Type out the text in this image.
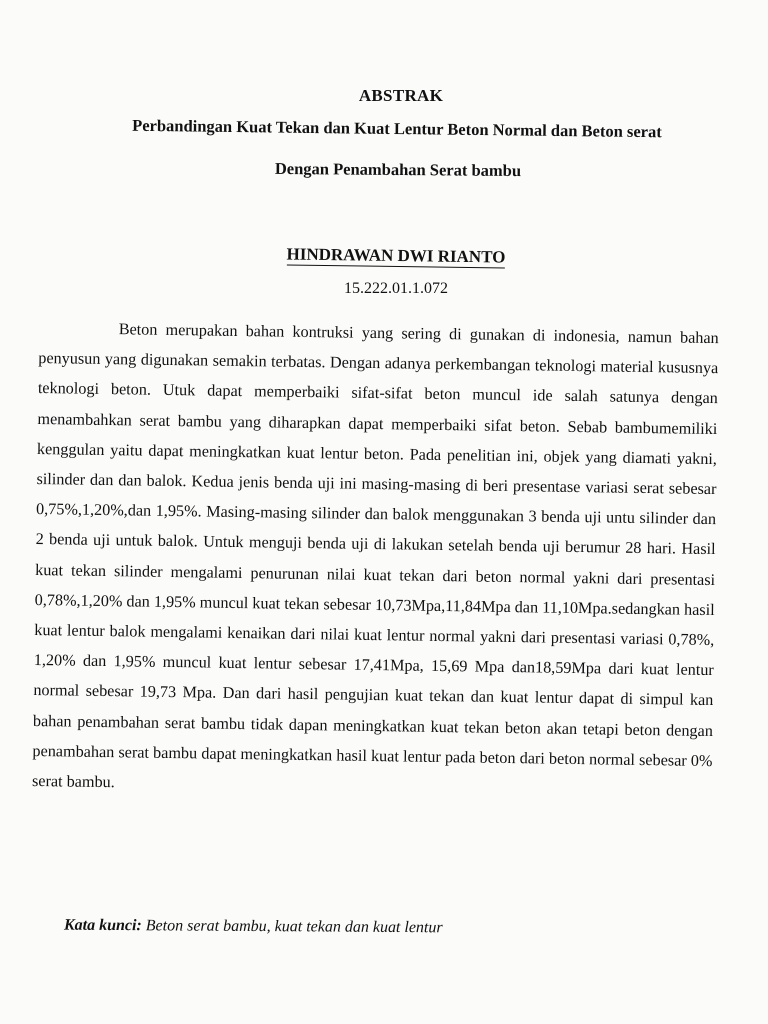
ABSTRAK
Perbandingan Kuat Tekan dan Kuat Lentur Beton Normal dan Beton serat
Dengan Penambahan Serat bambu
HINDRAWAN DWI RIANTO
15.222.01.1.072

Beton merupakan bahan kontruksi yang sering di gunakan di indonesia, namun bahan penyusun yang digunakan semakin terbatas. Dengan adanya perkembangan teknologi material kususnya teknologi beton. Utuk dapat memperbaiki sifat-sifat beton muncul ide salah satunya dengan menambahkan serat bambu yang diharapkan dapat memperbaiki sifat beton. Sebab bambumemiliki kenggulan yaitu dapat meningkatkan kuat lentur beton. Pada penelitian ini, objek yang diamati yakni, silinder dan dan balok. Kedua jenis benda uji ini masing-masing di beri presentase variasi serat sebesar 0,75%,1,20%,dan 1,95%. Masing-masing silinder dan balok menggunakan 3 benda uji untu silinder dan 2 benda uji untuk balok. Untuk menguji benda uji di lakukan setelah benda uji berumur 28 hari. Hasil kuat tekan silinder mengalami penurunan nilai kuat tekan dari beton normal yakni dari presentasi 0,78%,1,20% dan 1,95% muncul kuat tekan sebesar 10,73Mpa,11,84Mpa dan 11,10Mpa.sedangkan hasil kuat lentur balok mengalami kenaikan dari nilai kuat lentur normal yakni dari presentasi variasi 0,78%, 1,20% dan 1,95% muncul kuat lentur sebesar 17,41Mpa, 15,69 Mpa dan18,59Mpa dari kuat lentur normal sebesar 19,73 Mpa. Dan dari hasil pengujian kuat tekan dan kuat lentur dapat di simpul kan bahan penambahan serat bambu tidak dapan meningkatkan kuat tekan beton akan tetapi beton dengan penambahan serat bambu dapat meningkatkan hasil kuat lentur pada beton dari beton normal sebesar 0% serat bambu.

Kata kunci: Beton serat bambu, kuat tekan dan kuat lentur
